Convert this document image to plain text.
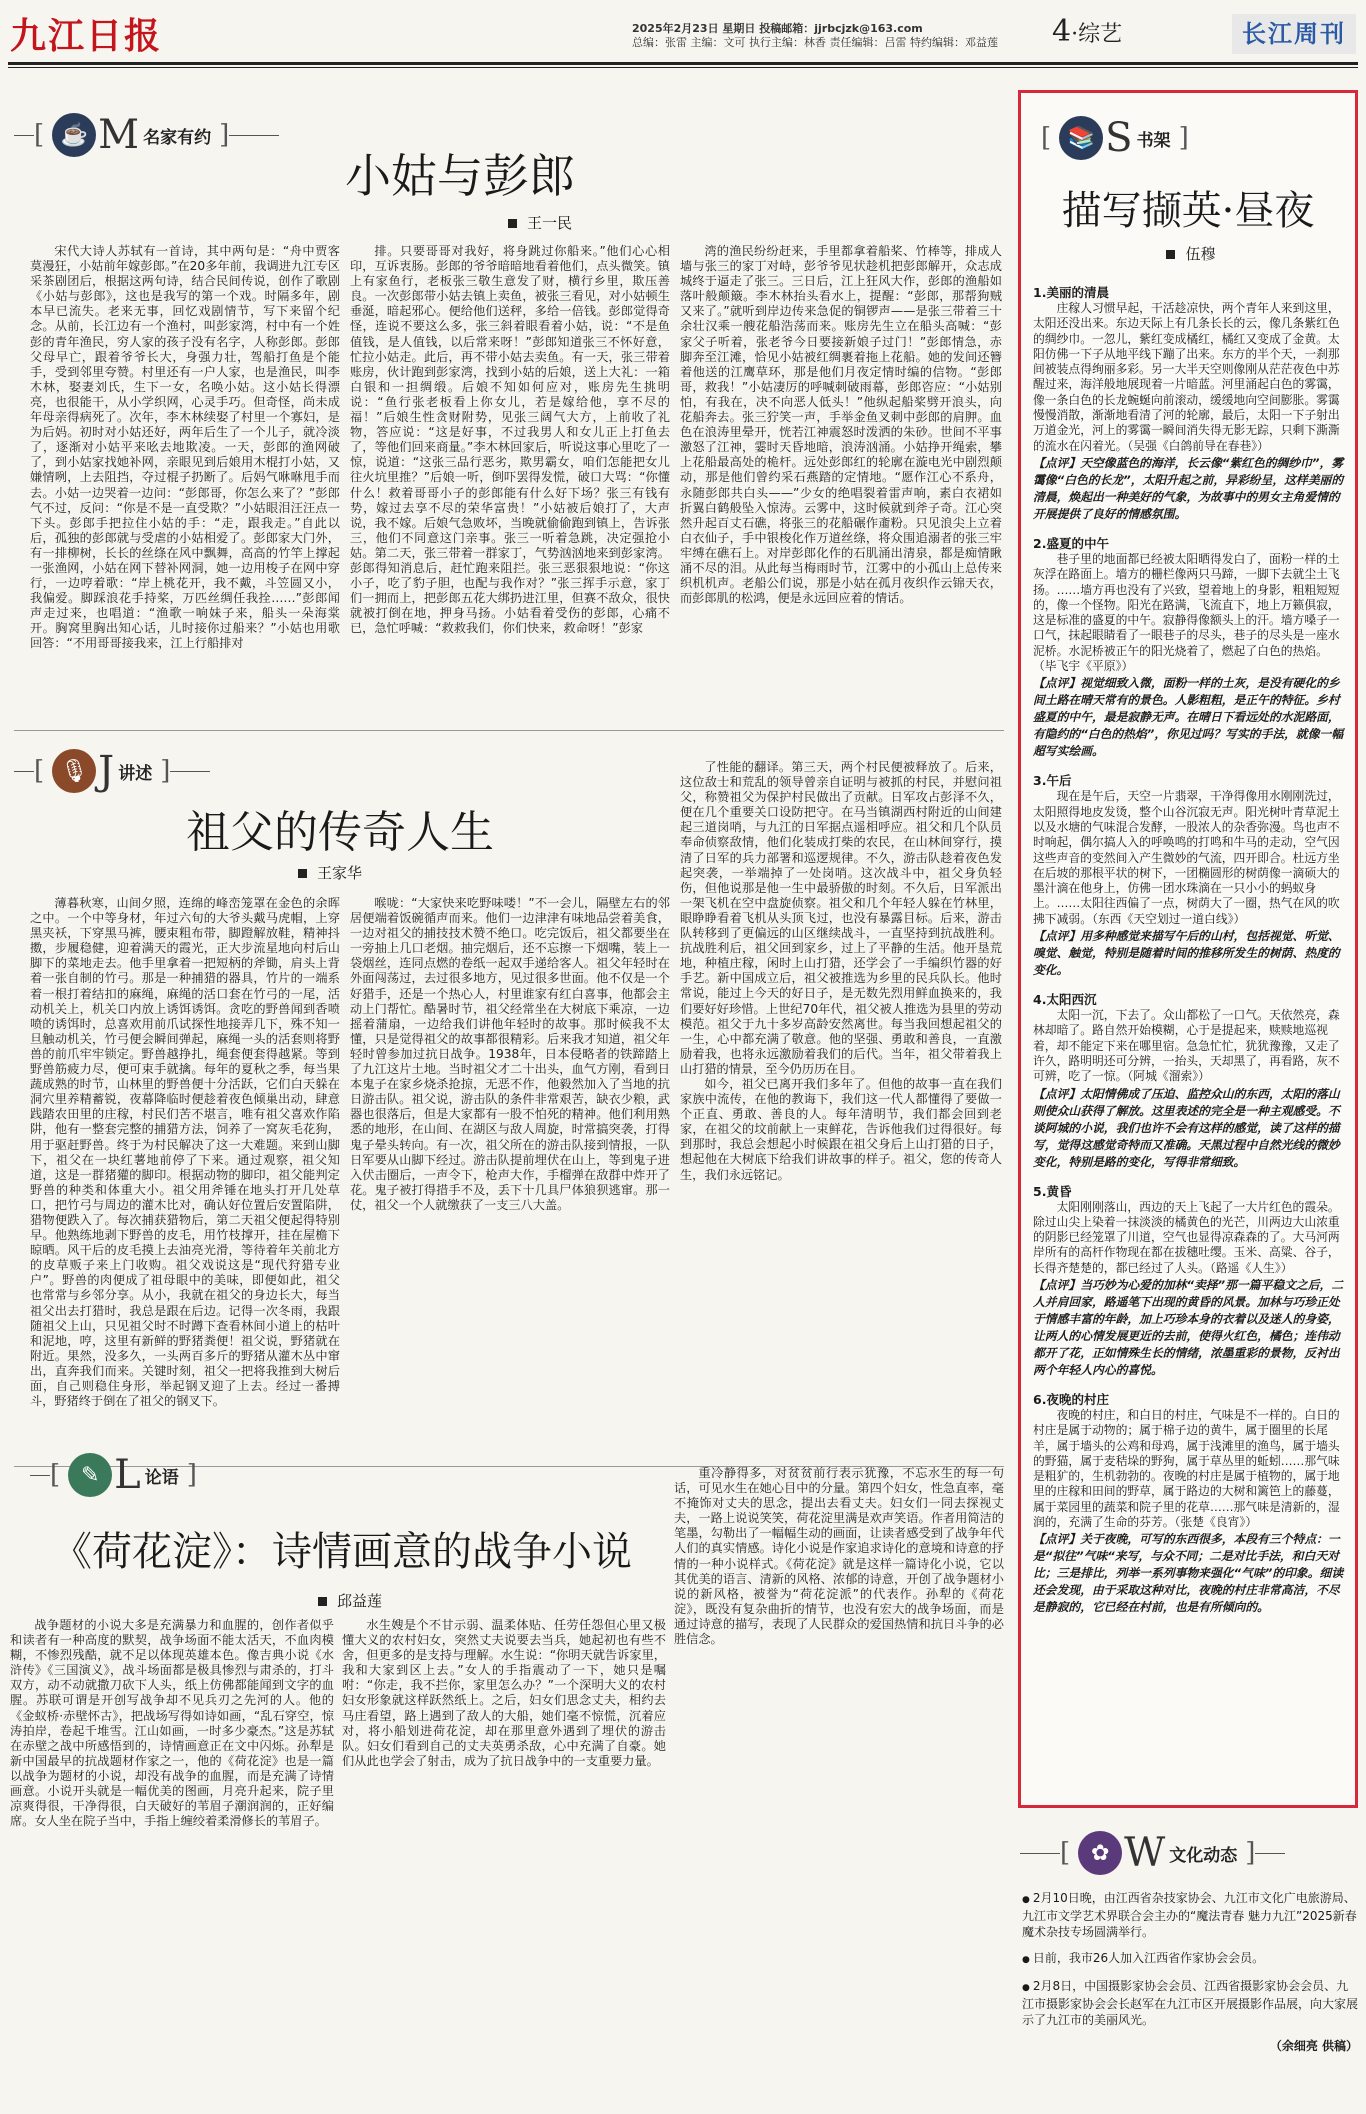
九江日报	2025年2月23日 星期日 投稿邮箱：jjrbcjzk@163.com
总编：张雷 主编：文可 执行主编：林香 责任编辑：吕雷 特约编辑：邓益莲	4·综艺	长江周刊
[ ☕ M 名家有约 ]
小姑与彭郎
王一民

宋代大诗人苏轼有一首诗，其中两句是：“舟中贾客莫漫狂，小姑前年嫁彭郎。”在20多年前，我调进九江专区采茶剧团后，根据这两句诗，结合民间传说，创作了歌剧《小姑与彭郎》，这也是我写的第一个戏。时隔多年，剧本早已流失。老来无事，回忆戏剧情节，写下来留个纪念。从前，长江边有一个渔村，叫彭家湾，村中有一个姓彭的青年渔民，穷人家的孩子没有名字，人称彭郎。彭郎父母早亡，跟着爷爷长大，身强力壮，驾船打鱼是个能手，受到邻里夸赞。村里还有一户人家，也是渔民，叫李木林，娶妻刘氏，生下一女，名唤小姑。这小姑长得漂亮，也很能干，从小学织网，心灵手巧。但奇怪，尚未成年母亲得病死了。次年，李木林续娶了村里一个寡妇，是为后妈。初时对小姑还好，两年后生了一个儿子，就冷淡了，逐渐对小姑平来吆去地欺凌。一天，彭郎的渔网破了，到小姑家找她补网，亲眼见到后娘用木棍打小姑，又嫌情咧，上去阻挡，夺过棍子扔断了。后妈气咻咻甩手而去。小姑一边哭着一边问：“彭郎哥，你怎么来了？”彭郎气不过，反问：“你是不是一直受欺？”小姑眼泪汪汪点一下头。彭郎手把拉住小姑的手：“走，跟我走。”自此以后，孤独的彭郎就与受虐的小姑相爱了。彭郎家大门外，有一排柳树，长长的丝绦在风中飘舞，高高的竹竿上撑起一张渔网，小姑在网下替补网洞，她一边用梭子在网中穿行，一边哼着歌：“岸上桃花开，我不戴，斗笠圆又小，我偏爱。脚踩浪花手持桨，万匹丝绸任我拴……”彭郎闻声走过来，也唱道：“渔歌一响妹子来，船头一朵海棠开。胸窝里胸出知心话，儿时接你过船来？”小姑也用歌回答：“不用哥哥接我来，江上行船排对

排。只要哥哥对我好，将身跳过你船来。”他们心心相印，互诉衷肠。彭郎的爷爷暗暗地看着他们，点头微笑。镇上有家鱼行，老板张三敬生意发了财，横行乡里，欺压善良。一次彭郎带小姑去镇上卖鱼，被张三看见，对小姑顿生垂涎，暗起邪心。便给他们送秤，多给一倍钱。彭郎觉得奇怪，连说不要这么多，张三斜着眼看着小姑，说：“不是鱼值钱，是人值钱，以后常来呀！”彭郎知道张三不怀好意，忙拉小姑走。此后，再不带小姑去卖鱼。有一天，张三带着账房，伙计跑到彭家湾，找到小姑的后娘，送上大礼：一箱白银和一担绸缎。后娘不知如何应对，账房先生挑明说：“鱼行张老板看上你女儿，若是嫁给他，享不尽的福！”后娘生性贪财附势，见张三阔气大方，上前收了礼物，答应说：“这是好事，不过我男人和女儿正上打鱼去了，等他们回来商量。”李木林回家后，听说这事心里吃了一惊，说道：“这张三品行恶劣，欺男霸女，咱们怎能把女儿往火坑里推？”后娘一听，倒吓罢得发慌，破口大骂：“你懂什么！救着哥哥小子的彭郎能有什么好下场？张三有钱有势，嫁过去享不尽的荣华富贵！”小姑被后娘打了，大声说，我不嫁。后娘气急败坏，当晚就偷偷跑到镇上，告诉张三，他们不同意这门亲事。张三一听着急跳，决定强抢小姑。第二天，张三带着一群家丁，气势汹汹地来到彭家湾。彭郎得知消息后，赶忙跑来阻拦。张三恶狠狠地说：“你这小子，吃了豹子胆，也配与我作对？”张三挥手示意，家丁们一拥而上，把彭郎五花大绑扔进江里，但赛不敌众，很快就被打倒在地，押身马扬。小姑看着受伤的彭郎，心痛不已，急忙呼喊：“救救我们，你们快来，救命呀！”彭家

湾的渔民纷纷赶来，手里都拿着船桨、竹棒等，排成人墙与张三的家丁对峙，彭爷爷见状趁机把彭郎解开，众志成城终于逼走了张三。三日后，江上狂风大作，彭郎的渔船如落叶般颠簸。李木林抬头看水上，提醒：“彭郎，那帮狗贼又来了。”就听到岸边传来急促的铜锣声——是张三带着三十余壮汉乘一艘花船浩荡而来。账房先生立在船头高喊：“彭家父子听着，张老爷今日要接新娘子过门！”彭郎情急，赤脚奔至江滩，恰见小姑被红绸裹着拖上花船。她的发间还簪着他送的江鹰草环，那是他们月夜定情时编的信物。“彭郎哥，救我！”小姑凄厉的呼喊刺破雨幕，彭郎咨应：“小姑别怕，有我在，决不向恶人低头！”他纵起船桨劈开浪头，向花船奔去。张三狞笑一声，手举金鱼叉刺中彭郎的肩胛。血色在浪涛里晕开，恍若江神震怒时泼洒的朱砂。世间不平事激怒了江神，霎时天昏地暗，浪涛汹涌。小姑挣开绳索，攀上花船最高处的桅杆。远处彭郎红的轮廓在漩电光中剧烈颠动，那是他们曾约采石燕踏的定情地。“愿作江心不系舟，永随彭郎共白头——”少女的绝唱裂着雷声响，素白衣裙如折翼白鹤般坠入惊涛。云雾中，这时候就到斧子奇。江心突然升起百丈石礁，将张三的花船碾作齑粉。只见浪尖上立着白衣仙子，手中银梭化作万道丝绦，将众围追溺者的张三牢牢缚在礁石上。对岸彭郎化作的石肌涌出清泉，都是痴情瞅涌不尽的泪。从此每当梅雨时节，江雾中的小孤山上总传来织机机声。老船公们说，那是小姑在孤月夜织作云锦天衣，而彭郎肌的松鸿，便是永远回应着的情话。

[ 🎙 J 讲述 ]
祖父的传奇人生
王家华

薄暮秋寒，山间夕照，连绵的峰峦笼罩在金色的余晖之中。一个中等身材，年过六旬的大爷头戴马虎帽，上穿黑夹袄，下穿黑马裤，腰束粗布带，脚蹬解放鞋，精神抖擞，步履稳健，迎着满天的霞光，正大步流星地向村后山脚下的菜地走去。他手里拿着一把短柄的斧锄，肩头上背着一张自制的竹弓。那是一种捕猎的器具，竹片的一端系着一根打着结扣的麻绳，麻绳的活口套在竹弓的一尾，活动机关上，机关口内放上诱饵诱饵。贪吃的野兽闻到香喷喷的诱饵时，总喜欢用前爪试探性地接弄几下，殊不知一旦触动机关，竹弓便会瞬间弹起，麻绳一头的活套则将野兽的前爪牢牢锁定。野兽越挣扎，绳套便套得越紧。等到野兽筋疲力尽，便可束手就擒。每年的夏秋之季，每当果蔬成熟的时节，山林里的野兽便十分活跃，它们白天躲在洞穴里养精蓄锐，夜幕降临时便趁着夜色倾巢出动，肆意践踏农田里的庄稼，村民们苦不堪言，唯有祖父喜欢作陷阱，他有一整套完整的捕猎方法，饲养了一窝灰毛花狗，用于驱赶野兽。终于为村民解决了这一大难题。来到山脚下，祖父在一块红薯地前停了下来。通过观察，祖父知道，这是一群猪獾的脚印。根据动物的脚印，祖父能判定野兽的种类和体重大小。祖父用斧锤在地头打开几处草口，把竹弓与周边的灌木比对，确认好位置后安置陷阱，猎物便跌入了。每次捕获猎物后，第二天祖父便起得特别早。他熟练地剥下野兽的皮毛，用竹枝撑开，挂在屋檐下晾晒。风干后的皮毛摸上去油亮光滑，等待着年关前北方的皮草贩子来上门收购。祖父戏说这是“现代狩猎专业户”。野兽的肉便成了祖母眼中的美味，即便如此，祖父也常常与乡邻分享。从小，我就在祖父的身边长大，每当祖父出去打猎时，我总是跟在后边。记得一次冬雨，我跟随祖父上山，只见祖父时不时蹲下查看林间小道上的枯叶和泥地，哼，这里有新鲜的野猪粪便！祖父说，野猪就在附近。果然，没多久，一头两百多斤的野猪从灌木丛中窜出，直奔我们而来。关键时刻，祖父一把将我推到大树后面，自己则稳住身形，举起钢叉迎了上去。经过一番搏斗，野猪终于倒在了祖父的钢叉下。

喉咙：“大家快来吃野味喽！”不一会儿，隔壁左右的邻居便端着饭碗循声而来。他们一边津津有味地品尝着美食，一边对祖父的捕技技术赞不绝口。吃完饭后，祖父都要坐在一旁抽上几口老烟。抽完烟后，还不忘擦一下烟嘴，装上一袋烟丝，连同点燃的卷纸一起双手递给客人。祖父年轻时在外面闯荡过，去过很多地方，见过很多世面。他不仅是一个好猎手，还是一个热心人，村里谁家有红白喜事，他都会主动上门帮忙。酷暑时节，祖父经常坐在大树底下乘凉，一边摇着蒲扇，一边给我们讲他年轻时的故事。那时候我不太懂，只是觉得祖父的故事都很精彩。后来我才知道，祖父年轻时曾参加过抗日战争。1938年，日本侵略者的铁蹄踏上了九江这片土地。当时祖父才二十出头，血气方刚，看到日本鬼子在家乡烧杀抢掠，无恶不作，他毅然加入了当地的抗日游击队。祖父说，游击队的条件非常艰苦，缺衣少粮，武器也很落后，但是大家都有一股不怕死的精神。他们利用熟悉的地形，在山间、在湖区与敌人周旋，时常搞突袭，打得鬼子晕头转向。有一次，祖父所在的游击队接到情报，一队日军要从山脚下经过。游击队提前埋伏在山上，等到鬼子进入伏击圈后，一声令下，枪声大作，手榴弹在敌群中炸开了花。鬼子被打得措手不及，丢下十几具尸体狼狈逃窜。那一仗，祖父一个人就缴获了一支三八大盖。

了性能的翻译。第三天，两个村民便被释放了。后来，这位敌士和荒乱的领导曾亲自证明与被抓的村民，并慰问祖父，称赞祖父为保护村民做出了贡献。日军攻占彭泽不久，便在几个重要关口设防把守。在马当镇湖西村附近的山间建起三道岗哨，与九江的日军据点遥相呼应。祖父和几个队员奉命侦察敌情，他们化装成打柴的农民，在山林间穿行，摸清了日军的兵力部署和巡逻规律。不久，游击队趁着夜色发起突袭，一举端掉了一处岗哨。这次战斗中，祖父身负轻伤，但他说那是他一生中最骄傲的时刻。不久后，日军派出一架飞机在空中盘旋侦察。祖父和几个年轻人躲在竹林里，眼睁睁看着飞机从头顶飞过，也没有暴露目标。后来，游击队转移到了更偏远的山区继续战斗，一直坚持到抗战胜利。抗战胜利后，祖父回到家乡，过上了平静的生活。他开垦荒地，种植庄稼，闲时上山打猎，还学会了一手编织竹器的好手艺。新中国成立后，祖父被推选为乡里的民兵队长。他时常说，能过上今天的好日子，是无数先烈用鲜血换来的，我们要好好珍惜。上世纪70年代，祖父被人推选为县里的劳动模范。祖父于九十多岁高龄安然离世。每当我回想起祖父的一生，心中都充满了敬意。他的坚强、勇敢和善良，一直激励着我，也将永远激励着我们的后代。当年，祖父带着我上山打猎的情景，至今仍历历在目。

如今，祖父已离开我们多年了。但他的故事一直在我们家族中流传，在他的教诲下，我们这一代人都懂得了要做一个正直、勇敢、善良的人。每年清明节，我们都会回到老家，在祖父的坟前献上一束鲜花，告诉他我们过得很好。每到那时，我总会想起小时候跟在祖父身后上山打猎的日子，想起他在大树底下给我们讲故事的样子。祖父，您的传奇人生，我们永远铭记。

[ ✎ L 论语 ]
《荷花淀》：诗情画意的战争小说
邱益莲

战争题材的小说大多是充满暴力和血腥的，创作者似乎和读者有一种高度的默契，战争场面不能太活天，不血肉模糊，不惨烈残酷，就不足以体现英雄本色。像吉典小说《水浒传》《三国演义》，战斗场面都是极具惨烈与肃杀的，打斗双方，动不动就撒刀砍下人头，纸上仿佛都能闻到文字的血腥。苏联可谓是开创写战争却不见兵刃之先河的人。他的《金蚁桥·赤壁怀古》，把战场写得如诗如画，“乱石穿空，惊涛拍岸，卷起千堆雪。江山如画，一时多少豪杰。”这是苏轼在赤壁之战中所感悟到的，诗情画意正在文中闪烁。孙犁是新中国最早的抗战题材作家之一，他的《荷花淀》也是一篇以战争为题材的小说，却没有战争的血腥，而是充满了诗情画意。小说开头就是一幅优美的图画，月亮升起来，院子里凉爽得很，干净得很，白天破好的苇眉子潮润润的，正好编席。女人坐在院子当中，手指上缠绞着柔滑修长的苇眉子。

水生嫂是个不甘示弱、温柔体贴、任劳任怨但心里又极懂大义的农村妇女，突然丈夫说要去当兵，她起初也有些不舍，但更多的是支持与理解。水生说：“你明天就告诉家里，我和大家到区上去。”女人的手指震动了一下，她只是嘱咐：“你走，我不拦你，家里怎么办？”一个深明大义的农村妇女形象就这样跃然纸上。之后，妇女们思念丈夫，相约去马庄看望，路上遇到了敌人的大船，她们毫不惊慌，沉着应对，将小船划进荷花淀，却在那里意外遇到了埋伏的游击队。妇女们看到自己的丈夫英勇杀敌，心中充满了自豪。她们从此也学会了射击，成为了抗日战争中的一支重要力量。

重冷静得多，对贫贫前行表示犹豫，不忘水生的每一句话，可见水生在她心目中的分量。第四个妇女，性急直率，毫不掩饰对丈夫的思念，提出去看丈夫。妇女们一同去探视丈夫，一路上说说笑笑，荷花淀里满是欢声笑语。作者用简洁的笔墨，勾勒出了一幅幅生动的画面，让读者感受到了战争年代人们的真实情感。诗化小说是作家追求诗化的意境和诗意的抒情的一种小说样式。《荷花淀》就是这样一篇诗化小说，它以其优美的语言、清新的风格、浓郁的诗意，开创了战争题材小说的新风格，被誉为“荷花淀派”的代表作。孙犁的《荷花淀》，既没有复杂曲折的情节，也没有宏大的战争场面，而是通过诗意的描写，表现了人民群众的爱国热情和抗日斗争的必胜信念。

[ 📚 S 书架 ]
描写撷英·昼夜
伍穆
1.美丽的清晨
庄稼人习惯早起，干活趁凉快，两个青年人来到这里，太阳还没出来。东边天际上有几条长长的云，像几条紫红色的绸纱巾。一忽儿，紫红变成橘红，橘红又变成了金黄。太阳仿佛一下子从地平线下蹦了出来。东方的半个天，一刹那间被装点得绚丽多彩。另一大半天空则像刚从茫茫夜色中苏醒过来，海洋般地展现着一片暗蓝。河里涌起白色的雾霭，像一条白色的长龙蜿蜒向前滚动，缓缓地向空间膨胀。雾霭慢慢消散，渐渐地看清了河的轮廓，最后，太阳一下子射出万道金光，河上的雾霭一瞬间消失得无影无踪，只剩下澌澌的流水在闪着光。（吴强《白鸽前导在春巷》）
【点评】天空像蓝色的海洋，长云像“紫红色的绸纱巾”，雾霭像“白色的长龙”，太阳升起之前，异彩纷呈，这样美丽的清晨，焕起出一种美好的气象，为故事中的男女主角爱情的开展提供了良好的情感氛围。
2.盛夏的中午
巷子里的地面都已经被太阳晒得发白了，面粉一样的土灰浮在路面上。墙方的栅栏像两只马蹄，一脚下去就尘土飞扬。……墙方再也没有了兴致，望着地上的身影，粗粗短短的，像一个怪物。阳光在路满，飞流直下，地上万籁俱寂，这是标准的盛夏的中午。寂静得像额头上的汗。墙方嗓子一口气，抹起眼睛看了一眼巷子的尽头，巷子的尽头是一座水泥桥。水泥桥被正午的阳光烧着了，燃起了白色的热焰。（毕飞宇《平原》）
【点评】视觉细致入微，面粉一样的土灰，是没有硬化的乡间土路在晴天常有的景色。人影粗粗，是正午的特征。乡村盛夏的中午，最是寂静无声。在晴日下看远处的水泥路面，有隐约的“白色的热焰”，你见过吗？写实的手法，就像一幅超写实绘画。
3.午后
现在是午后，天空一片翡翠，干净得像用水刚刚洗过，太阳照得地皮发烫，整个山谷沉寂无声。阳光树叶青草泥土以及水塘的气味混合发酵，一股浓人的杂香弥漫。鸟也声不时响起，偶尔搞人入的呼唤鸣的打鸣和牛马的走动，空气因这些声音的变然间入产生微妙的气流，四开即合。杜远方坐在后坡的那根平状的树下，一团椭圆形的树荫像一滴硕大的墨汁滴在他身上，仿佛一团水珠滴在一只小小的蚂蚁身上。……太阳往西偏了一点，树荫大了一圈，热气在风的吹拂下减弱。（东西《天空划过一道白线》）
【点评】用多种感觉来描写午后的山村，包括视觉、听觉、嗅觉、触觉，特别是随着时间的推移所发生的树荫、热度的变化。
4.太阳西沉
太阳一沉，下去了。众山都松了一口气。天依然亮，森林却暗了。路自然开始模糊，心于是提起来，赎赎地巡视着，却不能定下来在哪里宿。急急忙忙，犹犹豫豫，又走了许久，路明明还可分辨，一抬头，天却黑了，再看路，灰不可辨，吃了一惊。（阿城《溜索》）
【点评】太阳情佛成了压迫、监控众山的东西，太阳的落山则使众山获得了解放。这里表述的完全是一种主观感受。不谈阿城的小说，我们也许不会有这样的感觉，读了这样的描写，觉得这感觉奇特而又准确。天黑过程中自然光线的微妙变化，特别是路的变化，写得非常细致。
5.黄昏
太阳刚刚落山，西边的天上飞起了一大片红色的霞朵。除过山尖上染着一抹淡淡的橘黄色的光芒，川两边大山浓重的阴影已经笼罩了川道，空气也显得凉森森的了。大马河两岸所有的高杆作物现在都在拔穗吐缨。玉米、高粱、谷子，长得齐楚楚的，都已经过了人头。（路遥《人生》）
【点评】当巧妙为心爱的加林“卖择”那一篇平稳文之后，二人并肩回家，路遥笔下出现的黄昏的风景。加林与巧珍正处于情感丰富的年龄，加上巧珍本身的衣着以及迷人的身姿，让两人的心情发展更近的去前，使得火红色，橘色；连伟动都开了花，正如情殊生长的情绪，浓墨重彩的景物，反衬出两个年轻人内心的喜悦。
6.夜晚的村庄
夜晚的村庄，和白日的村庄，气味是不一样的。白日的村庄是属于动物的；属于棉子边的黄牛，属于圈里的长尾羊，属于墙头的公鸡和母鸡，属于浅滩里的渔鸟，属于墙头的野猫，属于麦秸垛的野狗，属于草丛里的蚯蚓……那气味是粗犷的，生机勃勃的。夜晚的村庄是属于植物的，属于地里的庄稼和田间的野草，属于路边的大树和篱笆上的藤蔓，属于菜园里的蔬菜和院子里的花草……那气味是清新的，湿润的，充满了生命的芬芳。（张楚《良宵》）
【点评】关于夜晚，可写的东西很多，本段有三个特点：一是“拟往”气味“来写，与众不同；二是对比手法，和白天对比；三是排比，列举一系列事物来强化“气味”的印象。细读还会发现，由于采取这种对比，夜晚的村庄非常高洁，不尽是静寂的，它已经在村前，也是有所倾向的。
[ ✿ W 文化动态 ]

● 2月10日晚，由江西省杂技家协会、九江市文化广电旅游局、九江市文学艺术界联合会主办的“魔法青春 魅力九江”2025新春魔术杂技专场圆满举行。

● 日前，我市26人加入江西省作家协会会员。

● 2月8日，中国摄影家协会会员、江西省摄影家协会会员、九江市摄影家协会会长赵军在九江市区开展摄影作品展，向大家展示了九江市的美丽风光。

（余细亮 供稿）
